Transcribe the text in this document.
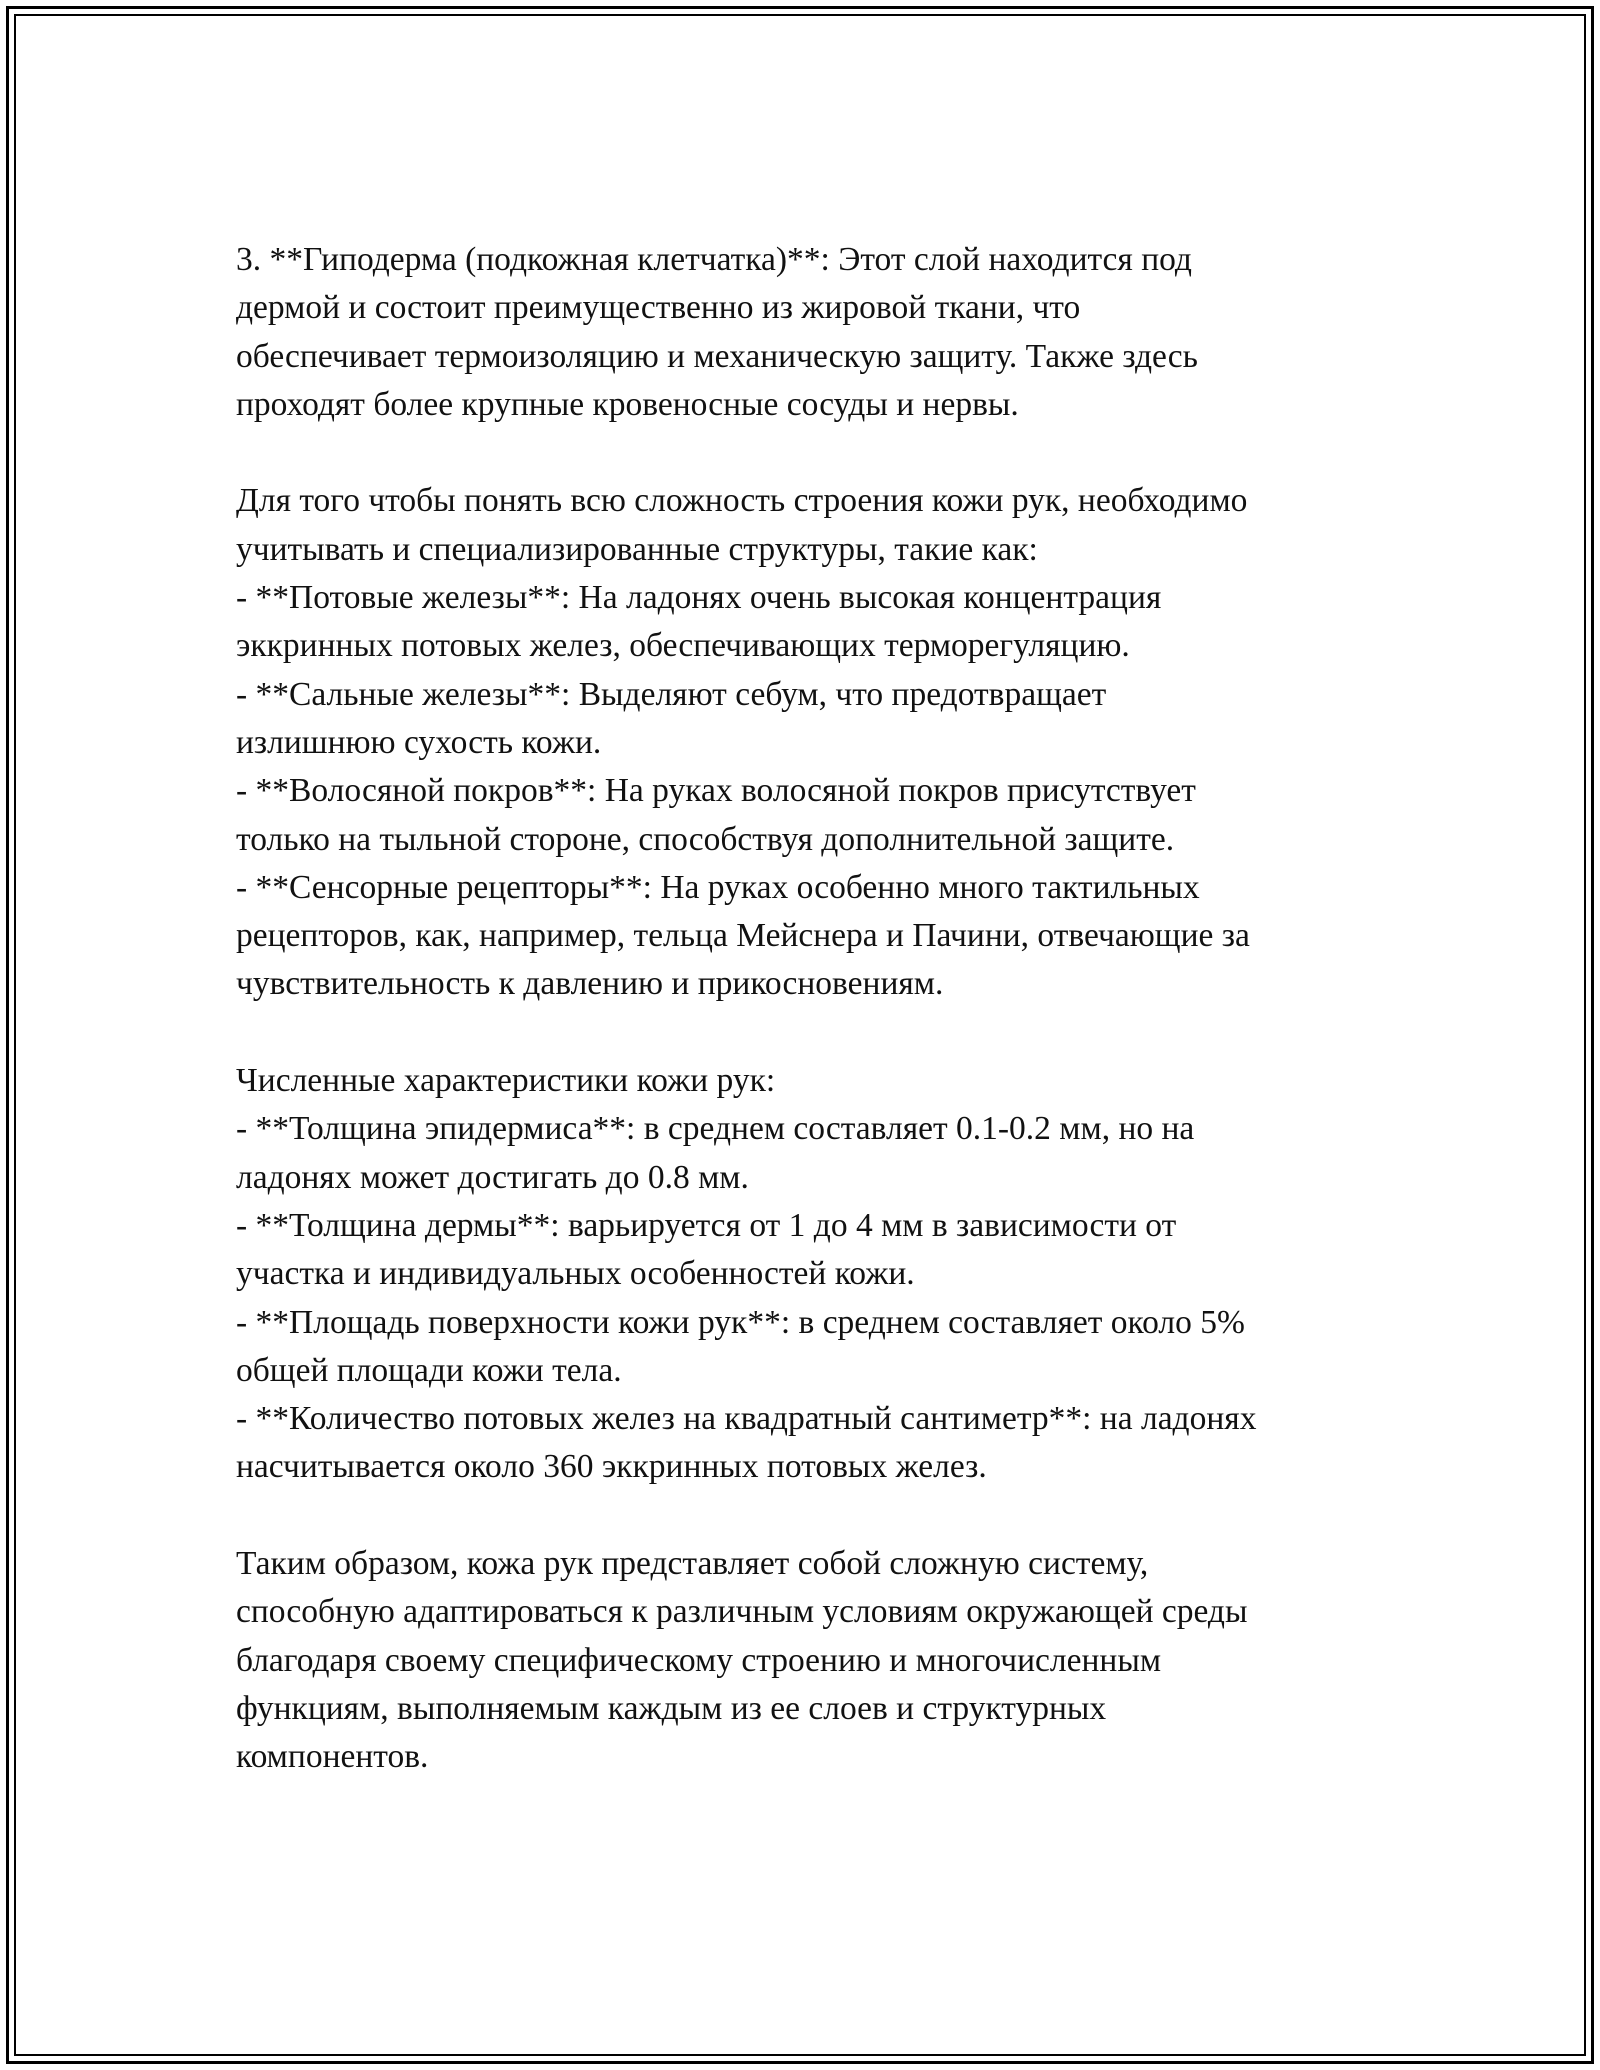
3. **Гиподерма (подкожная клетчатка)**: Этот слой находится под
дермой и состоит преимущественно из жировой ткани, что
обеспечивает термоизоляцию и механическую защиту. Также здесь
проходят более крупные кровеносные сосуды и нервы.
Для того чтобы понять всю сложность строения кожи рук, необходимо
учитывать и специализированные структуры, такие как:
- **Потовые железы**: На ладонях очень высокая концентрация
эккринных потовых желез, обеспечивающих терморегуляцию.
- **Сальные железы**: Выделяют себум, что предотвращает
излишнюю сухость кожи.
- **Волосяной покров**: На руках волосяной покров присутствует
только на тыльной стороне, способствуя дополнительной защите.
- **Сенсорные рецепторы**: На руках особенно много тактильных
рецепторов, как, например, тельца Мейснера и Пачини, отвечающие за
чувствительность к давлению и прикосновениям.
Численные характеристики кожи рук:
- **Толщина эпидермиса**: в среднем составляет 0.1-0.2 мм, но на
ладонях может достигать до 0.8 мм.
- **Толщина дермы**: варьируется от 1 до 4 мм в зависимости от
участка и индивидуальных особенностей кожи.
- **Площадь поверхности кожи рук**: в среднем составляет около 5%
общей площади кожи тела.
- **Количество потовых желез на квадратный сантиметр**: на ладонях
насчитывается около 360 эккринных потовых желез.
Таким образом, кожа рук представляет собой сложную систему,
способную адаптироваться к различным условиям окружающей среды
благодаря своему специфическому строению и многочисленным
функциям, выполняемым каждым из ее слоев и структурных
компонентов.
